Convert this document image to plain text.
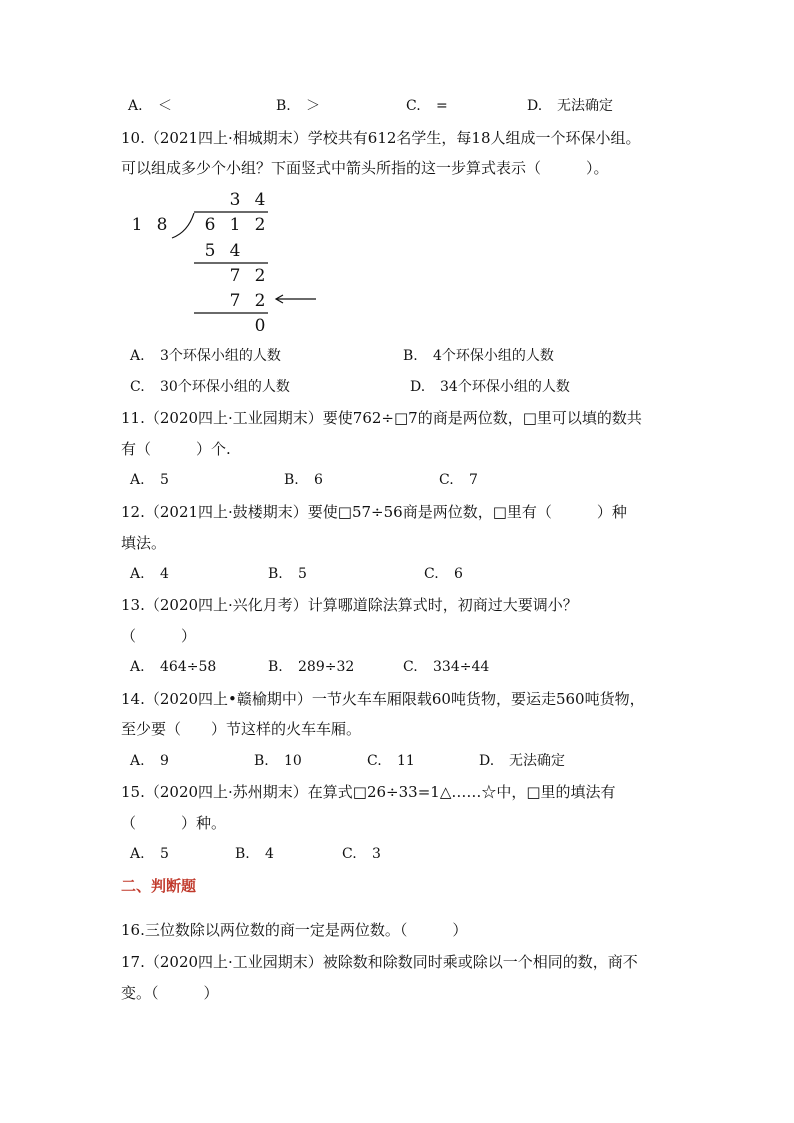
A. ＜	B. ＞	C. =	D. 无法确定
10.（2021四上·相城期末）学校共有612名学生，每18人组成一个环保小组。
可以组成多少个小组？下面竖式中箭头所指的这一步算式表示（　　　）。
3 4
1 8 6 1 2
5 4
7 2
7 2
0
A. 3个环保小组的人数	B. 4个环保小组的人数
C. 30个环保小组的人数	D. 34个环保小组的人数
11.（2020四上·工业园期末）要使762÷□7的商是两位数，□里可以填的数共
有（　　　）个.
A. 5	B. 6	C. 7
12.（2021四上·鼓楼期末）要使□57÷56商是两位数，□里有（　　　）种
填法。
A. 4	B. 5	C. 6
13.（2020四上·兴化月考）计算哪道除法算式时，初商过大要调小？
（　　　）
A. 464÷58	B. 289÷32	C. 334÷44
14.（2020四上•赣榆期中）一节火车车厢限载60吨货物，要运走560吨货物，
至少要（　　）节这样的火车车厢。
A. 9	B. 10	C. 11	D. 无法确定
15.（2020四上·苏州期末）在算式□26÷33=1△……☆中，□里的填法有
（　　　）种。
A. 5	B. 4	C. 3
二、判断题
16.三位数除以两位数的商一定是两位数。（　　　）
17.（2020四上·工业园期末）被除数和除数同时乘或除以一个相同的数，商不
变。（　　　）
